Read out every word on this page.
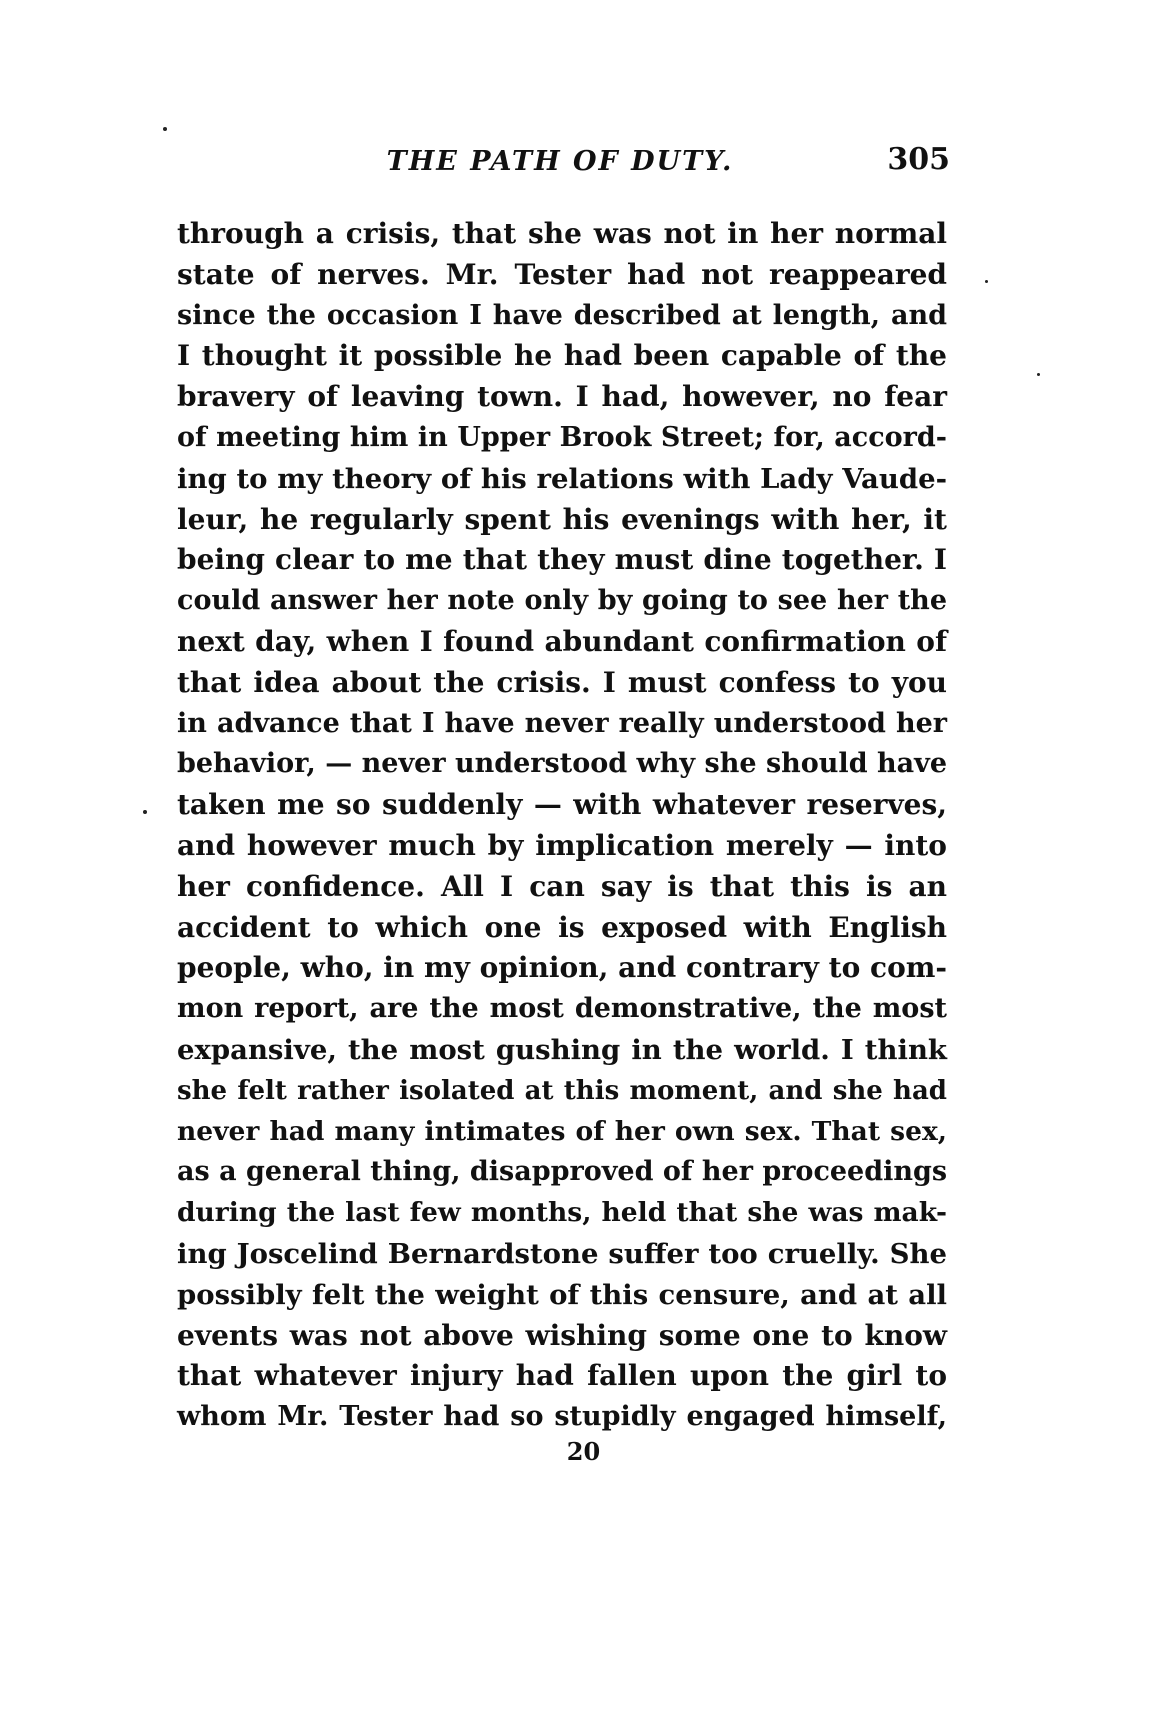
THE PATH OF DUTY.	305
through a crisis, that she was not in her normal
state of nerves. Mr. Tester had not reappeared
since the occasion I have described at length, and
I thought it possible he had been capable of the
bravery of leaving town. I had, however, no fear
of meeting him in Upper Brook Street; for, accord-
ing to my theory of his relations with Lady Vaude-
leur, he regularly spent his evenings with her, it
being clear to me that they must dine together. I
could answer her note only by going to see her the
next day, when I found abundant confirmation of
that idea about the crisis. I must confess to you
in advance that I have never really understood her
behavior, — never understood why she should have
taken me so suddenly — with whatever reserves,
and however much by implication merely — into
her confidence. All I can say is that this is an
accident to which one is exposed with English
people, who, in my opinion, and contrary to com-
mon report, are the most demonstrative, the most
expansive, the most gushing in the world. I think
she felt rather isolated at this moment, and she had
never had many intimates of her own sex. That sex,
as a general thing, disapproved of her proceedings
during the last few months, held that she was mak-
ing Joscelind Bernardstone suffer too cruelly. She
possibly felt the weight of this censure, and at all
events was not above wishing some one to know
that whatever injury had fallen upon the girl to
whom Mr. Tester had so stupidly engaged himself,
20
